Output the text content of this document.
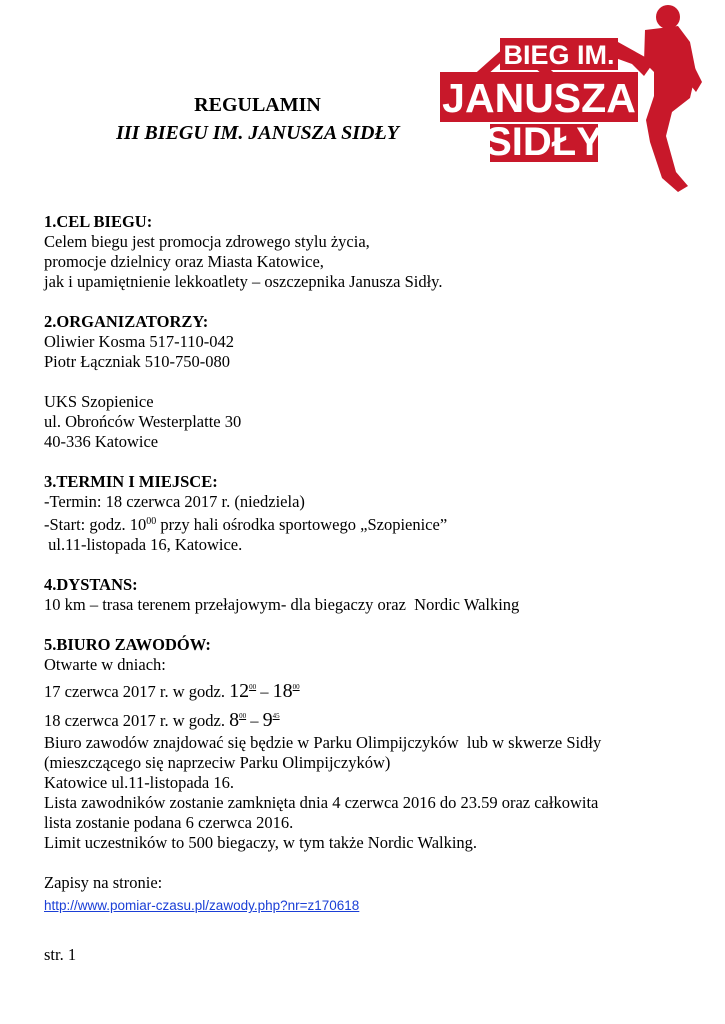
REGULAMIN
III BIEGU IM. JANUSZA SIDŁY
BIEG IM.
JANUSZA
SIDŁY
1.CEL BIEGU:
Celem biegu jest promocja zdrowego stylu życia,
promocje dzielnicy oraz Miasta Katowice,
jak i upamiętnienie lekkoatlety – oszczepnika Janusza Sidły.
2.ORGANIZATORZY:
Oliwier Kosma 517-110-042
Piotr Łączniak 510-750-080
UKS Szopienice
ul. Obrońców Westerplatte 30
40-336 Katowice
3.TERMIN I MIEJSCE:
-Termin: 18 czerwca 2017 r. (niedziela)
-Start: godz. $10^{00}$ przy hali ośrodka sportowego „Szopienice”
ul.11-listopada 16, Katowice.
4.DYSTANS:
10 km – trasa terenem przełajowym- dla biegaczy oraz  Nordic Walking
5.BIURO ZAWODÓW:
Otwarte w dniach:
17 czerwca 2017 r. w godz. $12^{00} - 18^{00}$
18 czerwca 2017 r. w godz. $8^{00} - 9^{45}$
Biuro zawodów znajdować się będzie w Parku Olimpijczyków  lub w skwerze Sidły
(mieszczącego się naprzeciw Parku Olimpijczyków)
Katowice ul.11-listopada 16.
Lista zawodników zostanie zamknięta dnia 4 czerwca 2016 do 23.59 oraz całkowita
lista zostanie podana 6 czerwca 2016.
Limit uczestników to 500 biegaczy, w tym także Nordic Walking.
Zapisy na stronie:
http://www.pomiar-czasu.pl/zawody.php?nr=z170618
str. 1
